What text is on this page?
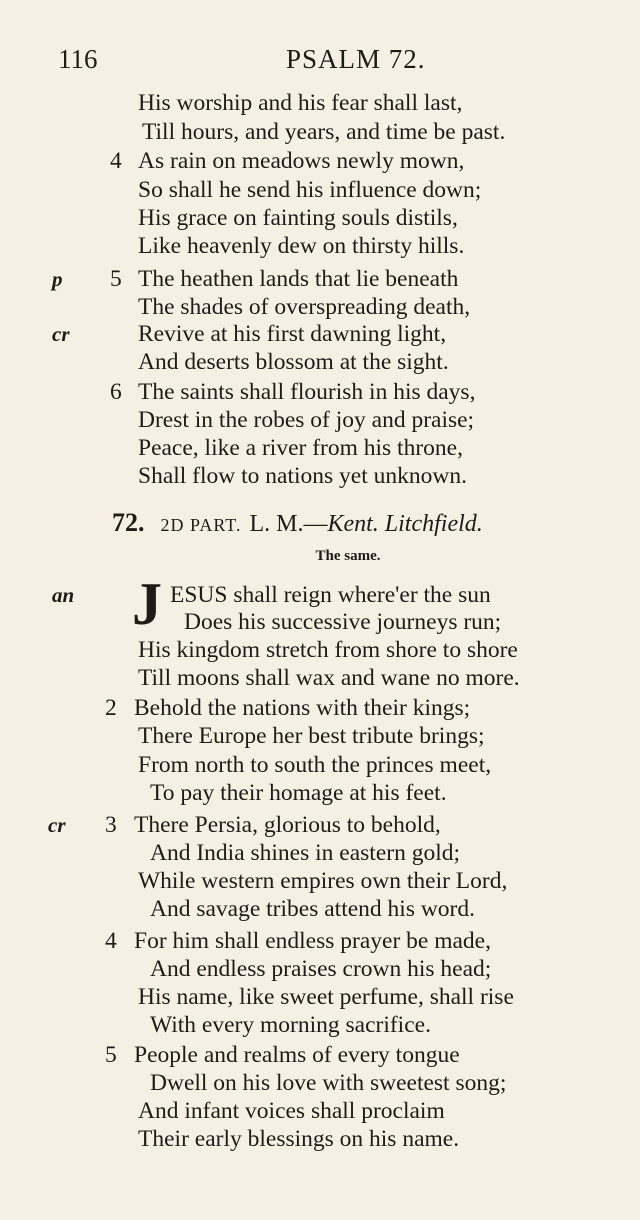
116	PSALM 72.
His worship and his fear shall last,
Till hours, and years, and time be past.
4 As rain on meadows newly mown,
So shall he send his influence down;
His grace on fainting souls distils,
Like heavenly dew on thirsty hills.
p 5 The heathen lands that lie beneath
The shades of overspreading death,
cr	Revive at his first dawning light,
And deserts blossom at the sight.
6 The saints shall flourish in his days,
Drest in the robes of joy and praise;
Peace, like a river from his throne,
Shall flow to nations yet unknown.
72. 2D PART. L. M.—Kent. Litchfield.
The same.
J
an	ESUS shall reign where'er the sun
Does his successive journeys run;
His kingdom stretch from shore to shore
Till moons shall wax and wane no more.
2 Behold the nations with their kings;
There Europe her best tribute brings;
From north to south the princes meet,
To pay their homage at his feet.
cr 3 There Persia, glorious to behold,
And India shines in eastern gold;
While western empires own their Lord,
And savage tribes attend his word.
4 For him shall endless prayer be made,
And endless praises crown his head;
His name, like sweet perfume, shall rise
With every morning sacrifice.
5 People and realms of every tongue
Dwell on his love with sweetest song;
And infant voices shall proclaim
Their early blessings on his name.
